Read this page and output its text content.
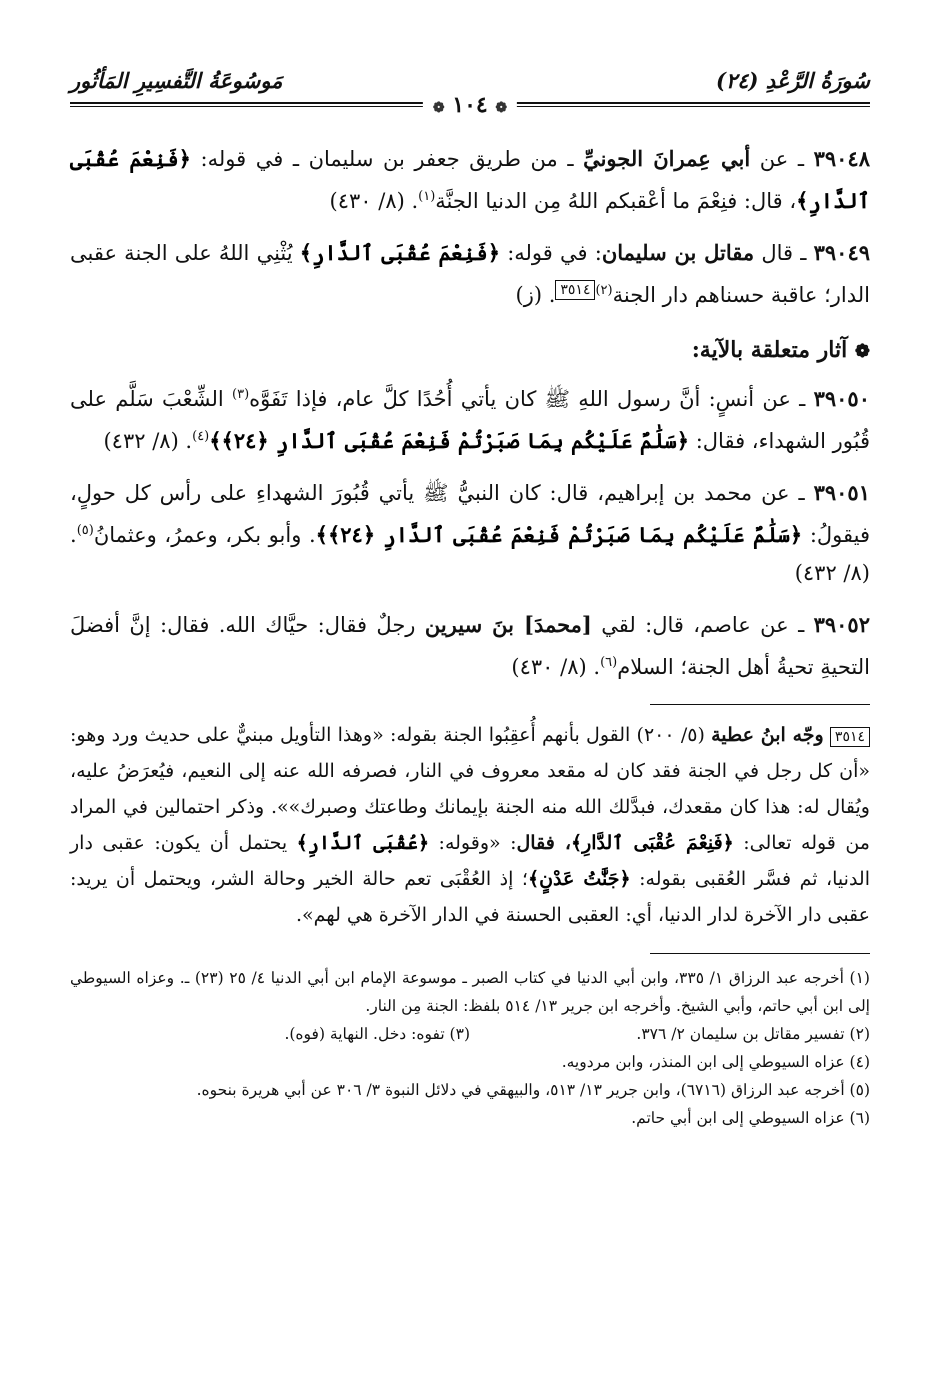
سُورَةُ الرَّعْدِ (٢٤)
مَوسُوعَةُ التَّفسِيرِ المَأثُور
❁ ١٠٤ ❁

٣٩٠٤٨ ـ عن أبي عِمرانَ الجونيِّ ـ من طريق جعفر بن سليمان ـ في قوله: ﴿فَنِعْمَ عُقْبَى ٱلدَّارِ﴾، قال: فنِعْمَ ما أعْقبكم اللهُ مِن الدنيا الجنَّة$^{(١)}$. (٨/ ٤٣٠)

٣٩٠٤٩ ـ قال مقاتل بن سليمان: في قوله: ﴿فَنِعْمَ عُقْبَى ٱلدَّارِ﴾ يُثْنِي اللهُ على الجنة عقبى الدار؛ عاقبة حسناهم دار الجنة$^{(٢)}$٣٥١٤. (ز)

❁ آثار متعلقة بالآية:

٣٩٠٥٠ ـ عن أنسٍ: أنَّ رسول اللهِ ﷺ كان يأتي أُحُدًا كلَّ عام، فإذا تَفَوَّه$^{(٣)}$ الشِّعْبَ سَلَّم على قُبُور الشهداء، فقال: ﴿سَلَٰمٌ عَلَيْكُم بِمَا صَبَرْتُمْ فَنِعْمَ عُقْبَى ٱلدَّارِ ﴿٢٤﴾﴾$^{(٤)}$. (٨/ ٤٣٢)

٣٩٠٥١ ـ عن محمد بن إبراهيم، قال: كان النبيُّ ﷺ يأتي قُبُورَ الشهداءِ على رأس كل حولٍ، فيقولُ: ﴿سَلَٰمٌ عَلَيْكُم بِمَا صَبَرْتُمْ فَنِعْمَ عُقْبَى ٱلدَّارِ ﴿٢٤﴾﴾. وأبو بكر، وعمرُ، وعثمانُ$^{(٥)}$. (٨/ ٤٣٢)

٣٩٠٥٢ ـ عن عاصم، قال: لقي [محمدَ] بنَ سيرين رجلٌ فقال: حيَّاك الله. فقال: إنَّ أفضلَ التحيةِ تحيةُ أهل الجنة؛ السلام$^{(٦)}$. (٨/ ٤٣٠)

٣٥١٤ وجّه ابنُ عطية (٥/ ٢٠٠) القول بأنهم أُعقِبُوا الجنة بقوله: «وهذا التأويل مبنيٌّ على حديث ورد وهو: «أن كل رجل في الجنة فقد كان له مقعد معروف في النار، فصرفه الله عنه إلى النعيم، فيُعرَضُ عليه، ويُقال له: هذا كان مقعدك، فبدَّلك الله منه الجنة بإيمانك وطاعتك وصبرك»». وذكر احتمالين في المراد من قوله تعالى: ﴿فَنِعْمَ عُقْبَى ٱلدَّارِ﴾، فقال: «وقوله: ﴿عُقْبَى ٱلدَّارِ﴾ يحتمل أن يكون: عقبى دار الدنيا، ثم فسَّر العُقبى بقوله: ﴿جَنَّٰتُ عَدْنٍ﴾؛ إذ العُقْبَى تعم حالة الخير وحالة الشر، ويحتمل أن يريد: عقبى دار الآخرة لدار الدنيا، أي: العقبى الحسنة في الدار الآخرة هي لهم».

(١) أخرجه عبد الرزاق ١/ ٣٣٥، وابن أبي الدنيا في كتاب الصبر ـ موسوعة الإمام ابن أبي الدنيا ٤/ ٢٥ (٢٣) ـ. وعزاه السيوطي إلى ابن أبي حاتم، وأبي الشيخ. وأخرجه ابن جرير ١٣/ ٥١٤ بلفظ: الجنة مِن النار.

(٢) تفسير مقاتل بن سليمان ٢/ ٣٧٦.

(٣) تفوه: دخل. النهاية (فوه).

(٤) عزاه السيوطي إلى ابن المنذر، وابن مردويه.

(٥) أخرجه عبد الرزاق (٦٧١٦)، وابن جرير ١٣/ ٥١٣، والبيهقي في دلائل النبوة ٣/ ٣٠٦ عن أبي هريرة بنحوه.

(٦) عزاه السيوطي إلى ابن أبي حاتم.
